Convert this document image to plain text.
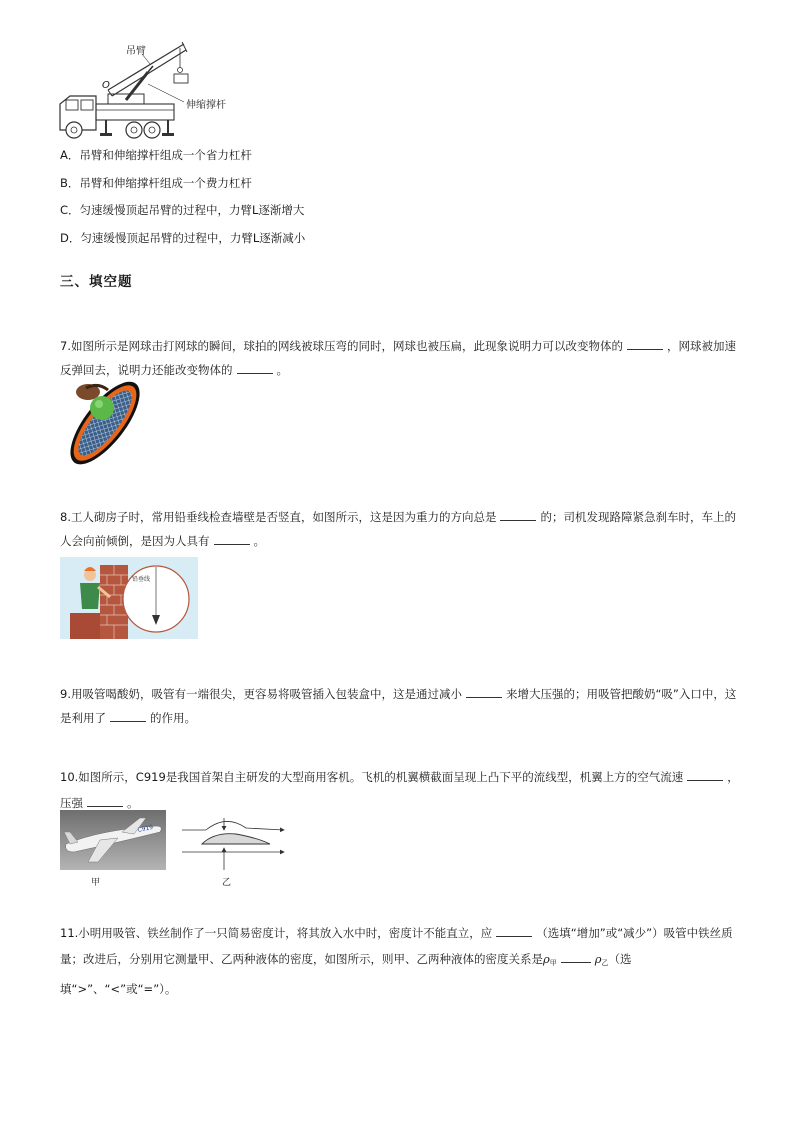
吊臂
O
伸缩撑杆
A．吊臂和伸缩撑杆组成一个省力杠杆
B．吊臂和伸缩撑杆组成一个费力杠杆
C．匀速缓慢顶起吊臂的过程中，力臂L逐渐增大
D．匀速缓慢顶起吊臂的过程中，力臂L逐渐减小
三、填空题
7.如图所示是网球击打网球的瞬间，球拍的网线被球压弯的同时，网球也被压扁，此现象说明力可以改变物体的	，网球被加速反弹回去，说明力还能改变物体的	。
8.工人砌房子时，常用铅垂线检查墙壁是否竖直，如图所示，这是因为重力的方向总是	的；司机发现路障紧急刹车时，车上的人会向前倾倒，是因为人具有	。
铅垂线
9.用吸管喝酸奶，吸管有一端很尖，更容易将吸管插入包装盒中，这是通过减小	来增大压强的；用吸管把酸奶“吸”入口中，这是利用了	的作用。
10.如图所示，C919是我国首架自主研发的大型商用客机。飞机的机翼横截面呈现上凸下平的流线型，机翼上方的空气流速	，压强	。
C919
甲	乙
11.小明用吸管、铁丝制作了一只简易密度计，将其放入水中时，密度计不能直立，应	（选填“增加”或“减少”）吸管中铁丝质量；改进后，分别用它测量甲、乙两种液体的密度，如图所示，则甲、乙两种液体的密度关系是$\rho_甲$	$\rho_乙$（选填“>”、“<”或“=”）。
